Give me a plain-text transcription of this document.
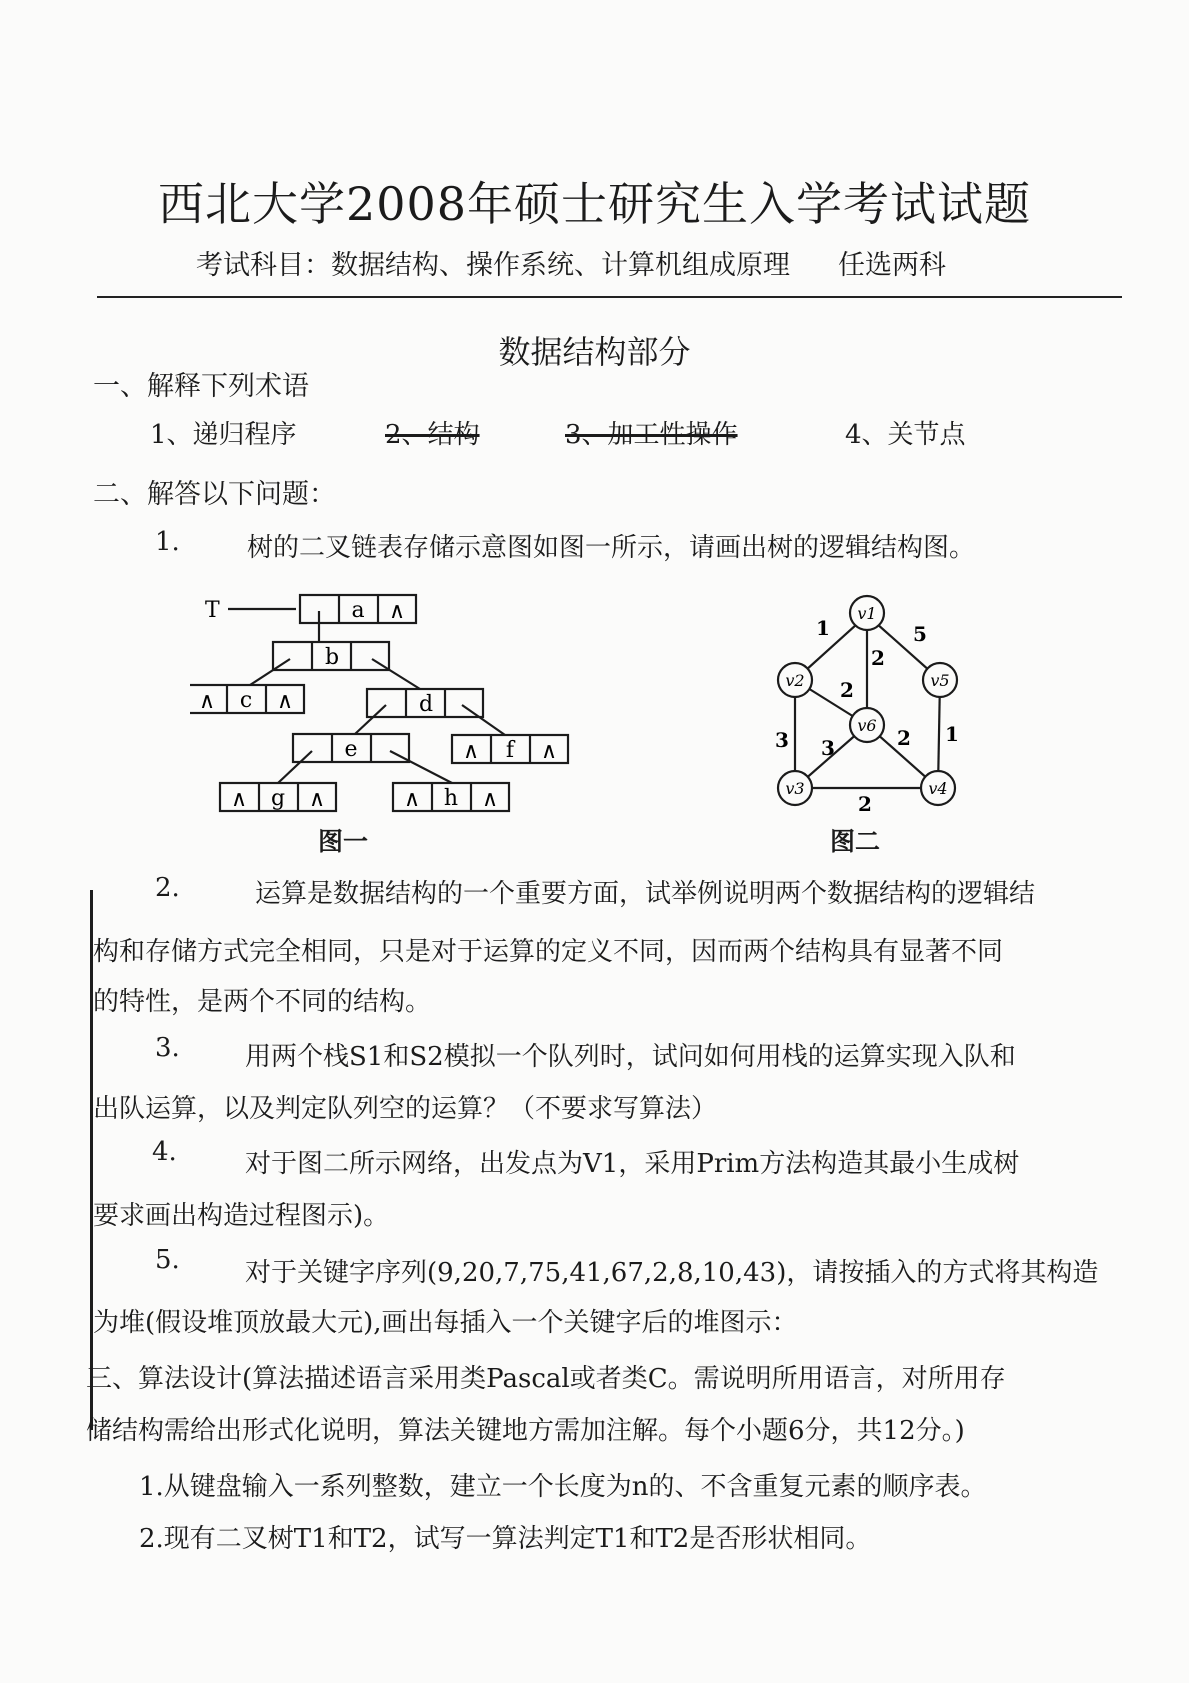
西北大学2008年硕士研究生入学考试试题
考试科目：数据结构、操作系统、计算机组成原理 任选两科
数据结构部分
一、解释下列术语
1、递归程序	2、结构	3、加工性操作	4、关节点
二、解答以下问题：
1.	树的二叉链表存储示意图如图一所示，请画出树的逻辑结构图。
T	a ∧
b
∧ c ∧	d
e	∧ f ∧
∧ g ∧	∧ h ∧
图一
v1
v2
v3	v4
v5
v6
1	5
2
2
3 3	2 1
2
图二
2.	运算是数据结构的一个重要方面，试举例说明两个数据结构的逻辑结
构和存储方式完全相同，只是对于运算的定义不同，因而两个结构具有显著不同
的特性，是两个不同的结构。
3.	用两个栈S1和S2模拟一个队列时，试问如何用栈的运算实现入队和
出队运算，以及判定队列空的运算？（不要求写算法）
4.	对于图二所示网络，出发点为V1，采用Prim方法构造其最小生成树
要求画出构造过程图示)。
5.	对于关键字序列(9,20,7,75,41,67,2,8,10,43)，请按插入的方式将其构造
为堆(假设堆顶放最大元),画出每插入一个关键字后的堆图示：
三、算法设计(算法描述语言采用类Pascal或者类C。需说明所用语言，对所用存
储结构需给出形式化说明，算法关键地方需加注解。每个小题6分，共12分。)
1.从键盘输入一系列整数，建立一个长度为n的、不含重复元素的顺序表。
2.现有二叉树T1和T2，试写一算法判定T1和T2是否形状相同。
